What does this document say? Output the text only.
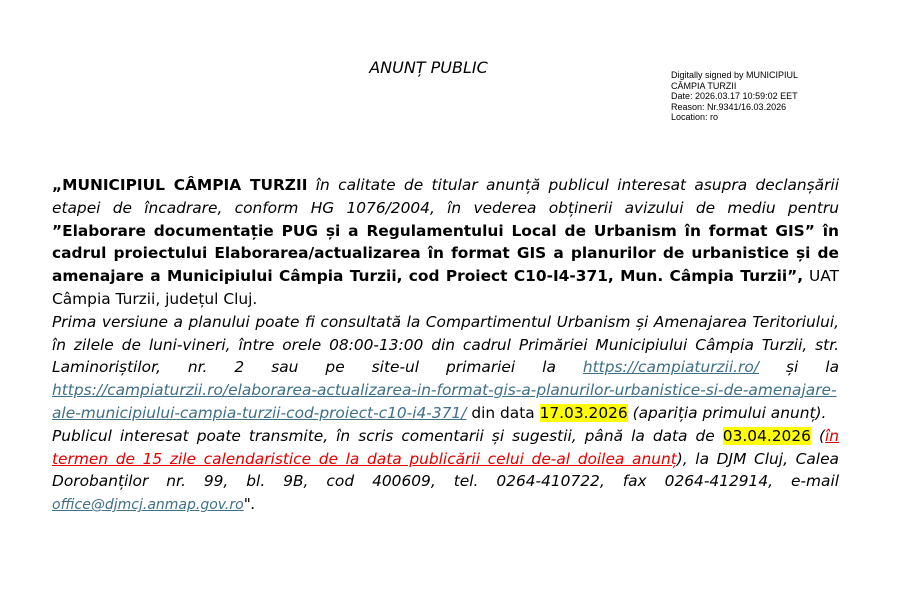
ANUNȚ PUBLIC	Digitally signed by MUNICIPIUL
CÂMPIA TURZII
Date: 2026.03.17 10:59:02 EET
Reason: Nr.9341/16.03.2026
Location: ro

„MUNICIPIUL CÂMPIA TURZII în calitate de titular anunță publicul interesat asupra declanșării etapei de încadrare, conform HG 1076/2004, în vederea obținerii avizului de mediu pentru ”Elaborare documentație PUG și a Regulamentului Local de Urbanism în format GIS” în cadrul proiectului Elaborarea/actualizarea în format GIS a planurilor de urbanistice și de amenajare a Municipiului Câmpia Turzii, cod Proiect C10-I4-371, Mun. Câmpia Turzii”, UAT Câmpia Turzii, județul Cluj.

Prima versiune a planului poate fi consultată la Compartimentul Urbanism și Amenajarea Teritoriului, în zilele de luni-vineri, între orele 08:00-13:00 din cadrul Primăriei Municipiului Câmpia Turzii, str. Laminoriștilor, nr. 2 sau pe site-ul primariei la https://campiaturzii.ro/ și la https://campiaturzii.ro/elaborarea-actualizarea-in-format-gis-a-planurilor-urbanistice-si-de-amenajare-ale-municipiului-campia-turzii-cod-proiect-c10-i4-371/ din data 17.03.2026 (apariția primului anunț).

Publicul interesat poate transmite, în scris comentarii și sugestii, până la data de 03.04.2026 (în termen de 15 zile calendaristice de la data publicării celui de-al doilea anunț), la DJM Cluj, Calea Dorobanților nr. 99, bl. 9B, cod 400609, tel. 0264-410722, fax 0264-412914, e-mail office@djmcj.anmap.gov.ro".
